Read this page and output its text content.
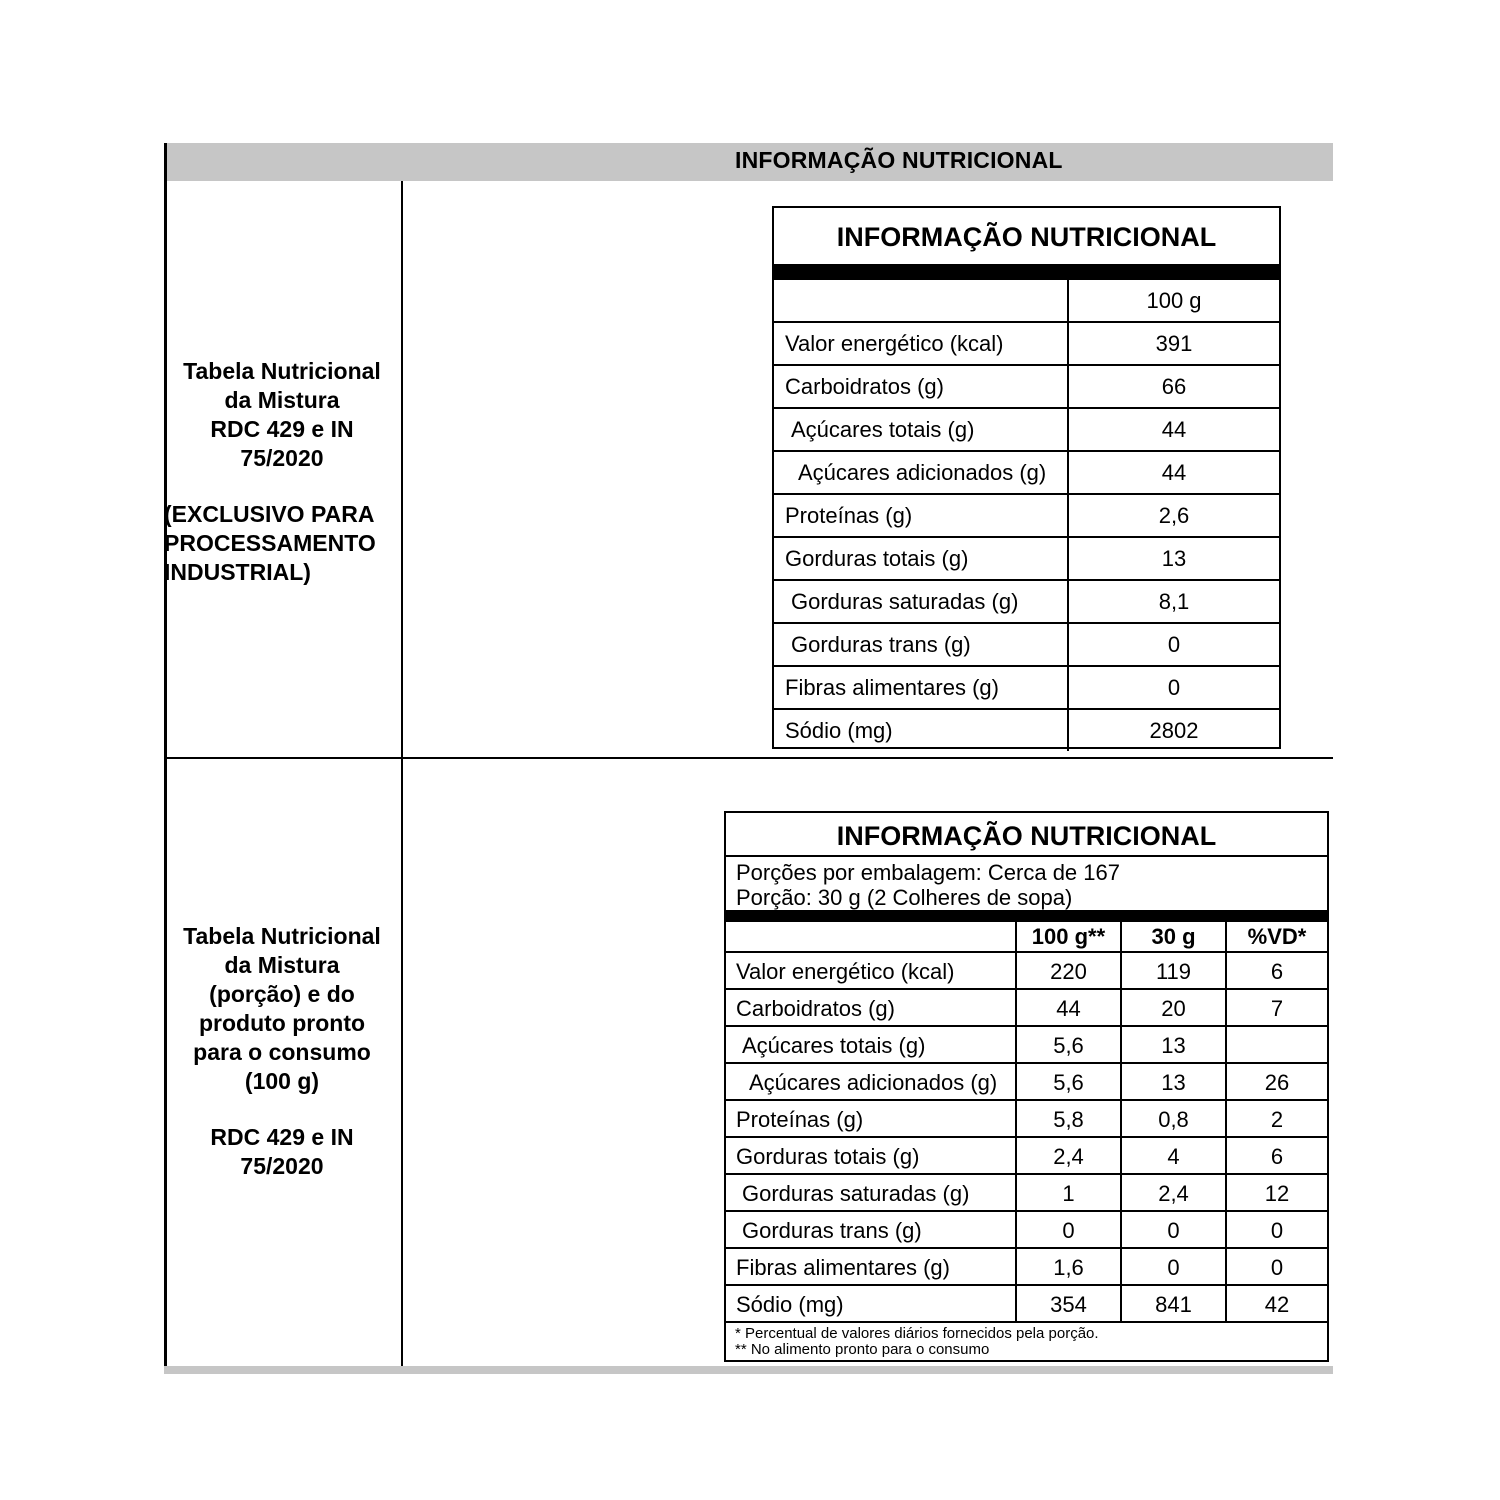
INFORMAÇÃO NUTRICIONAL
Tabela Nutricional
da Mistura
RDC 429 e IN
75/2020
(EXCLUSIVO PARA
PROCESSAMENTO
INDUSTRIAL)
INFORMAÇÃO NUTRICIONAL
100 g
Valor energético (kcal)	391
Carboidratos (g)	66
Açúcares totais (g)	44
Açúcares adicionados (g)	44
Proteínas (g)	2,6
Gorduras totais (g)	13
Gorduras saturadas (g)	8,1
Gorduras trans (g)	0
Fibras alimentares (g)	0
Sódio (mg)	2802
Tabela Nutricional
da Mistura
(porção) e do
produto pronto
para o consumo
(100 g)
RDC 429 e IN
75/2020
INFORMAÇÃO NUTRICIONAL
Porções por embalagem: Cerca de 167
Porção: 30 g (2 Colheres de sopa)
100 g**	30 g	%VD*
Valor energético (kcal)	220	119	6
Carboidratos (g)	44	20	7
Açúcares totais (g)	5,6	13
Açúcares adicionados (g)	5,6	13	26
Proteínas (g)	5,8	0,8	2
Gorduras totais (g)	2,4	4	6
Gorduras saturadas (g)	1	2,4	12
Gorduras trans (g)	0	0	0
Fibras alimentares (g)	1,6	0	0
Sódio (mg)	354	841	42
* Percentual de valores diários fornecidos pela porção.
** No alimento pronto para o consumo
